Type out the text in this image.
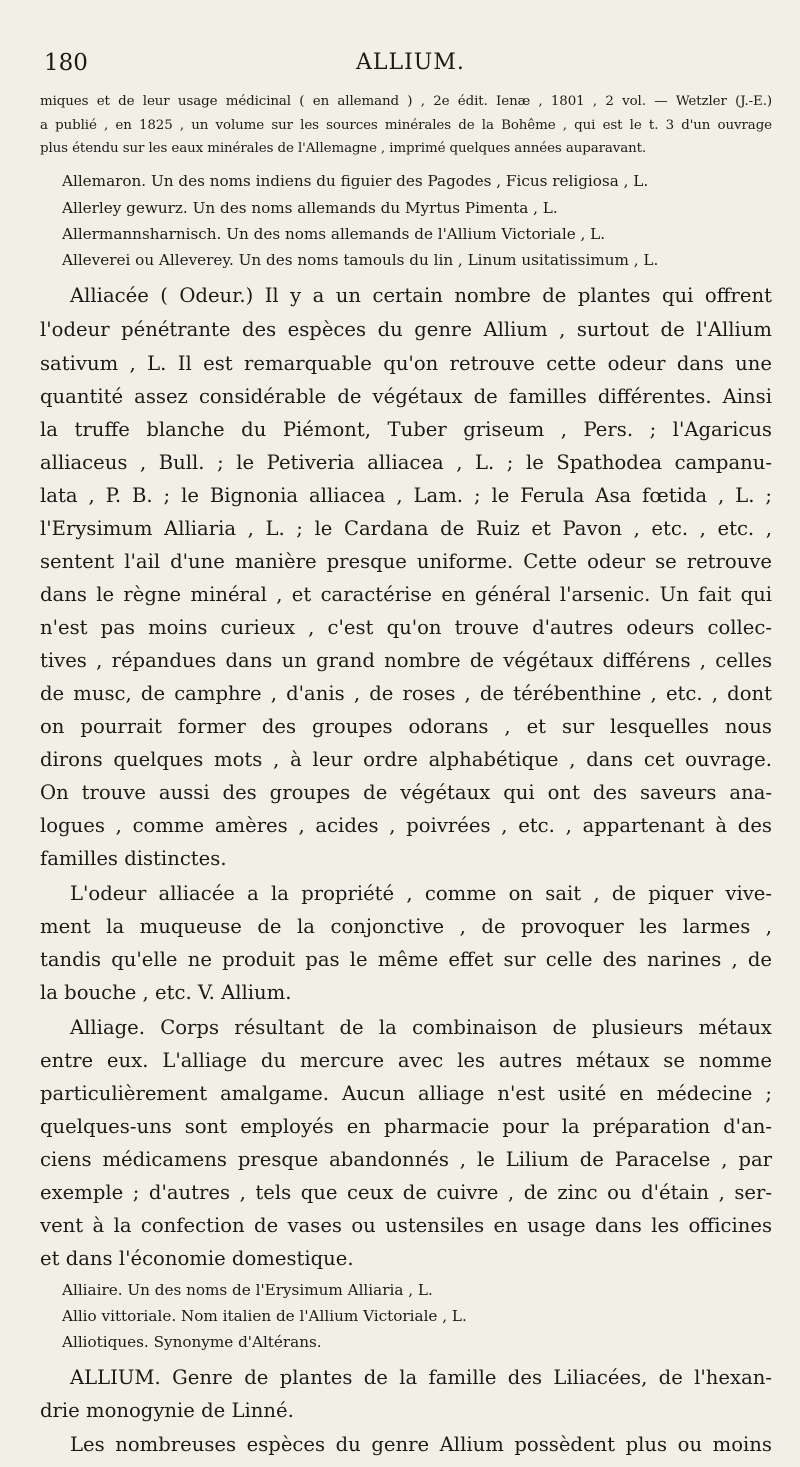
180	ALLIUM.
miques et de leur usage médicinal ( en allemand ) , 2e édit. Ienæ , 1801 , 2 vol. — Wetzler (J.-E.)
a publié , en 1825 , un volume sur les sources minérales de la Bohême , qui est le t. 3 d'un ouvrage
plus étendu sur les eaux minérales de l'Allemagne , imprimé quelques années auparavant.
Allemaron. Un des noms indiens du figuier des Pagodes , Ficus religiosa , L.
Allerley gewurz. Un des noms allemands du Myrtus Pimenta , L.
Allermannsharnisch. Un des noms allemands de l'Allium Victoriale , L.
Alleverei ou Alleverey. Un des noms tamouls du lin , Linum usitatissimum , L.
Alliacée ( Odeur.) Il y a un certain nombre de plantes qui offrent
l'odeur pénétrante des espèces du genre Allium , surtout de l'Allium
sativum , L. Il est remarquable qu'on retrouve cette odeur dans une
quantité assez considérable de végétaux de familles différentes. Ainsi
la truffe blanche du Piémont, Tuber griseum , Pers. ; l'Agaricus
alliaceus , Bull. ; le Petiveria alliacea , L. ; le Spathodea campanu-
lata , P. B. ; le Bignonia alliacea , Lam. ; le Ferula Asa fœtida , L. ;
l'Erysimum Alliaria , L. ; le Cardana de Ruiz et Pavon , etc. , etc. ,
sentent l'ail d'une manière presque uniforme. Cette odeur se retrouve
dans le règne minéral , et caractérise en général l'arsenic. Un fait qui
n'est pas moins curieux , c'est qu'on trouve d'autres odeurs collec-
tives , répandues dans un grand nombre de végétaux différens , celles
de musc, de camphre , d'anis , de roses , de térébenthine , etc. , dont
on pourrait former des groupes odorans , et sur lesquelles nous
dirons quelques mots , à leur ordre alphabétique , dans cet ouvrage.
On trouve aussi des groupes de végétaux qui ont des saveurs ana-
logues , comme amères , acides , poivrées , etc. , appartenant à des
familles distinctes.
L'odeur alliacée a la propriété , comme on sait , de piquer vive-
ment la muqueuse de la conjonctive , de provoquer les larmes ,
tandis qu'elle ne produit pas le même effet sur celle des narines , de
la bouche , etc. V. Allium.
Alliage. Corps résultant de la combinaison de plusieurs métaux
entre eux. L'alliage du mercure avec les autres métaux se nomme
particulièrement amalgame. Aucun alliage n'est usité en médecine ;
quelques-uns sont employés en pharmacie pour la préparation d'an-
ciens médicamens presque abandonnés , le Lilium de Paracelse , par
exemple ; d'autres , tels que ceux de cuivre , de zinc ou d'étain , ser-
vent à la confection de vases ou ustensiles en usage dans les officines
et dans l'économie domestique.
Alliaire. Un des noms de l'Erysimum Alliaria , L.
Allio vittoriale. Nom italien de l'Allium Victoriale , L.
Alliotiques. Synonyme d'Altérans.
ALLIUM. Genre de plantes de la famille des Liliacées, de l'hexan-
drie monogynie de Linné.
Les nombreuses espèces du genre Allium possèdent plus ou moins
